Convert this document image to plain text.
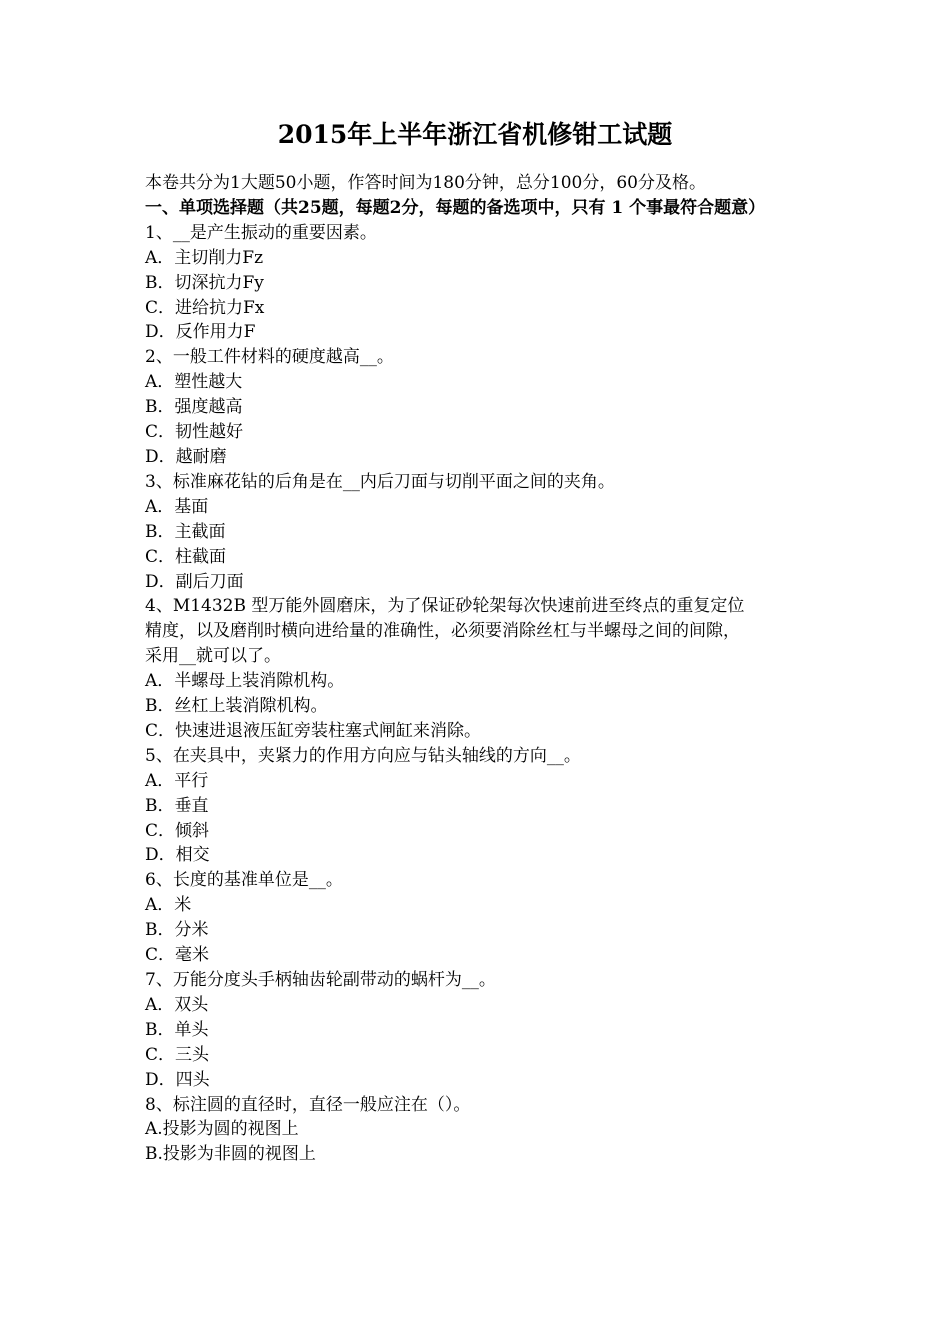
2015年上半年浙江省机修钳工试题
本卷共分为1大题50小题，作答时间为180分钟，总分100分，60分及格。
一、单项选择题（共25题，每题2分，每题的备选项中，只有 1 个事最符合题意）
1、__是产生振动的重要因素。
A．主切削力Fz
B．切深抗力Fy
C．进给抗力Fx
D．反作用力F
2、一般工件材料的硬度越高__。
A．塑性越大
B．强度越高
C．韧性越好
D．越耐磨
3、标准麻花钻的后角是在__内后刀面与切削平面之间的夹角。
A．基面
B．主截面
C．柱截面
D．副后刀面
4、M1432B 型万能外圆磨床，为了保证砂轮架每次快速前进至终点的重复定位
精度，以及磨削时横向进给量的准确性，必须要消除丝杠与半螺母之间的间隙，
采用__就可以了。
A．半螺母上装消隙机构。
B．丝杠上装消隙机构。
C．快速进退液压缸旁装柱塞式闸缸来消除。
5、在夹具中，夹紧力的作用方向应与钻头轴线的方向__。
A．平行
B．垂直
C．倾斜
D．相交
6、长度的基准单位是__。
A．米
B．分米
C．毫米
7、万能分度头手柄轴齿轮副带动的蜗杆为__。
A．双头
B．单头
C．三头
D．四头
8、标注圆的直径时，直径一般应注在（）。
A.投影为圆的视图上
B.投影为非圆的视图上
